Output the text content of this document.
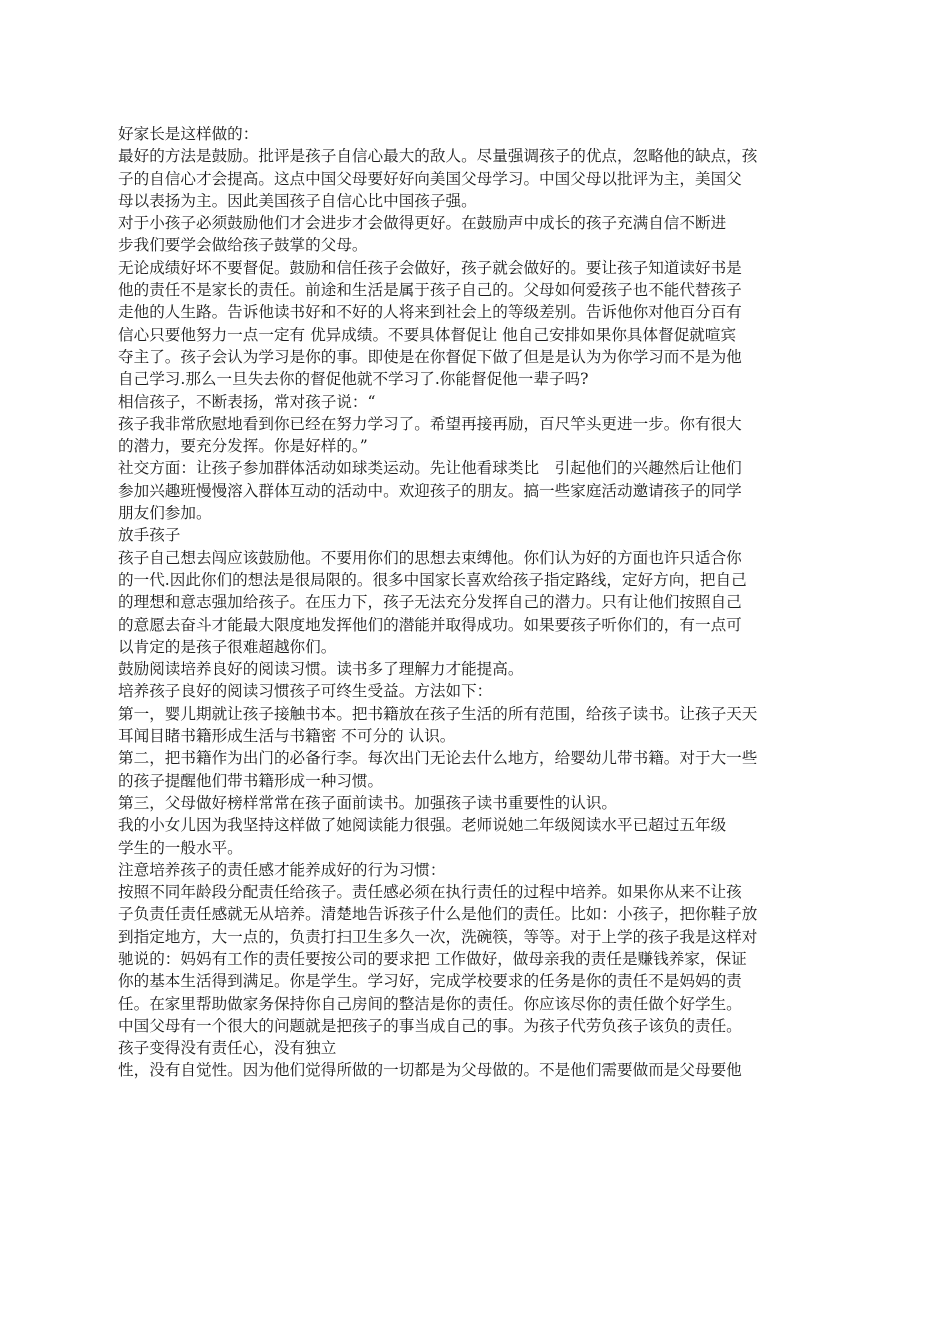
好家长是这样做的：
最好的方法是鼓励。批评是孩子自信心最大的敌人。尽量强调孩子的优点，忽略他的缺点，孩
子的自信心才会提高。这点中国父母要好好向美国父母学习。中国父母以批评为主，美国父
母以表扬为主。因此美国孩子自信心比中国孩子强。
对于小孩子必须鼓励他们才会进步才会做得更好。在鼓励声中成长的孩子充满自信不断进
步我们要学会做给孩子鼓掌的父母。
无论成绩好坏不要督促。鼓励和信任孩子会做好，孩子就会做好的。要让孩子知道读好书是
他的责任不是家长的责任。前途和生活是属于孩子自己的。父母如何爱孩子也不能代替孩子
走他的人生路。告诉他读书好和不好的人将来到社会上的等级差别。告诉他你对他百分百有
信心只要他努力一点一定有 优异成绩。不要具体督促让 他自己安排如果你具体督促就喧宾
夺主了。孩子会认为学习是你的事。即使是在你督促下做了但是是认为为你学习而不是为他
自己学习.那么一旦失去你的督促他就不学习了.你能督促他一辈子吗?
相信孩子，不断表扬，常对孩子说：“
孩子我非常欣慰地看到你已经在努力学习了。希望再接再励，百尺竿头更进一步。你有很大
的潜力，要充分发挥。你是好样的。”
社交方面：让孩子参加群体活动如球类运动。先让他看球类比　引起他们的兴趣然后让他们
参加兴趣班慢慢溶入群体互动的活动中。欢迎孩子的朋友。搞一些家庭活动邀请孩子的同学
朋友们参加。
放手孩子
孩子自己想去闯应该鼓励他。不要用你们的思想去束缚他。你们认为好的方面也许只适合你
的一代.因此你们的想法是很局限的。很多中国家长喜欢给孩子指定路线，定好方向，把自己
的理想和意志强加给孩子。在压力下，孩子无法充分发挥自己的潜力。只有让他们按照自己
的意愿去奋斗才能最大限度地发挥他们的潜能并取得成功。如果要孩子听你们的，有一点可
以肯定的是孩子很难超越你们。
鼓励阅读培养良好的阅读习惯。读书多了理解力才能提高。
培养孩子良好的阅读习惯孩子可终生受益。方法如下：
第一，婴儿期就让孩子接触书本。把书籍放在孩子生活的所有范围，给孩子读书。让孩子天天
耳闻目睹书籍形成生活与书籍密 不可分的 认识。
第二，把书籍作为出门的必备行李。每次出门无论去什么地方，给婴幼儿带书籍。对于大一些
的孩子提醒他们带书籍形成一种习惯。
第三，父母做好榜样常常在孩子面前读书。加强孩子读书重要性的认识。
我的小女儿因为我坚持这样做了她阅读能力很强。老师说她二年级阅读水平已超过五年级
学生的一般水平。
注意培养孩子的责任感才能养成好的行为习惯：
按照不同年龄段分配责任给孩子。责任感必须在执行责任的过程中培养。如果你从来不让孩
子负责任责任感就无从培养。清楚地告诉孩子什么是他们的责任。比如：小孩子，把你鞋子放
到指定地方，大一点的，负责打扫卫生多久一次，洗碗筷，等等。对于上学的孩子我是这样对
驰说的：妈妈有工作的责任要按公司的要求把 工作做好，做母亲我的责任是赚钱养家，保证
你的基本生活得到满足。你是学生。学习好，完成学校要求的任务是你的责任不是妈妈的责
任。在家里帮助做家务保持你自己房间的整洁是你的责任。你应该尽你的责任做个好学生。
中国父母有一个很大的问题就是把孩子的事当成自己的事。为孩子代劳负孩子该负的责任。
孩子变得没有责任心，没有独立
性，没有自觉性。因为他们觉得所做的一切都是为父母做的。不是他们需要做而是父母要他
